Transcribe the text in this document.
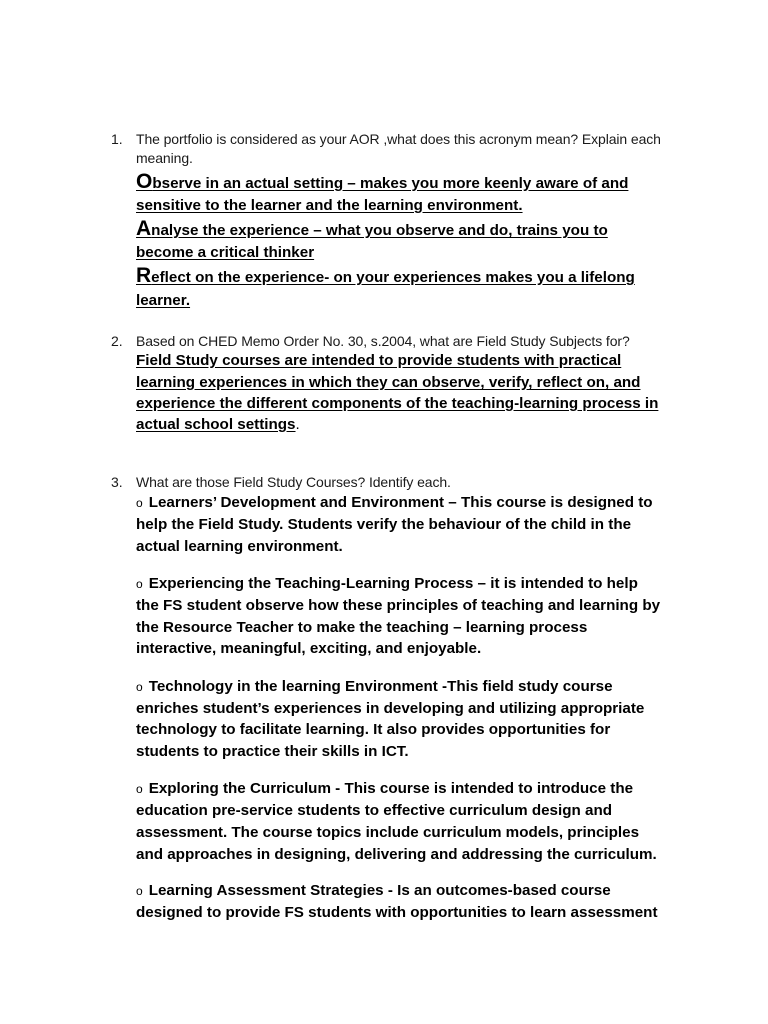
1. The portfolio is considered as your AOR ,what does this acronym mean? Explain each
meaning.
Observe in an actual setting – makes you more keenly aware of and
sensitive to the learner and the learning environment.
Analyse the experience – what you observe and do, trains you to
become a critical thinker
Reflect on the experience- on your experiences makes you a lifelong
learner.
2. Based on CHED Memo Order No. 30, s.2004, what are Field Study Subjects for?
Field Study courses are intended to provide students with practical
learning experiences in which they can observe, verify, reflect on, and
experience the different components of the teaching-learning process in
actual school settings.
3. What are those Field Study Courses? Identify each.
o Learners’ Development and Environment – This course is designed to
help the Field Study. Students verify the behaviour of the child in the
actual learning environment.
o Experiencing the Teaching-Learning Process – it is intended to help
the FS student observe how these principles of teaching and learning by
the Resource Teacher to make the teaching – learning process
interactive, meaningful, exciting, and enjoyable.
o Technology in the learning Environment -This field study course
enriches student’s experiences in developing and utilizing appropriate
technology to facilitate learning. It also provides opportunities for
students to practice their skills in ICT.
o Exploring the Curriculum - This course is intended to introduce the
education pre-service students to effective curriculum design and
assessment. The course topics include curriculum models, principles
and approaches in designing, delivering and addressing the curriculum.
o Learning Assessment Strategies - Is an outcomes-based course
designed to provide FS students with opportunities to learn assessment
